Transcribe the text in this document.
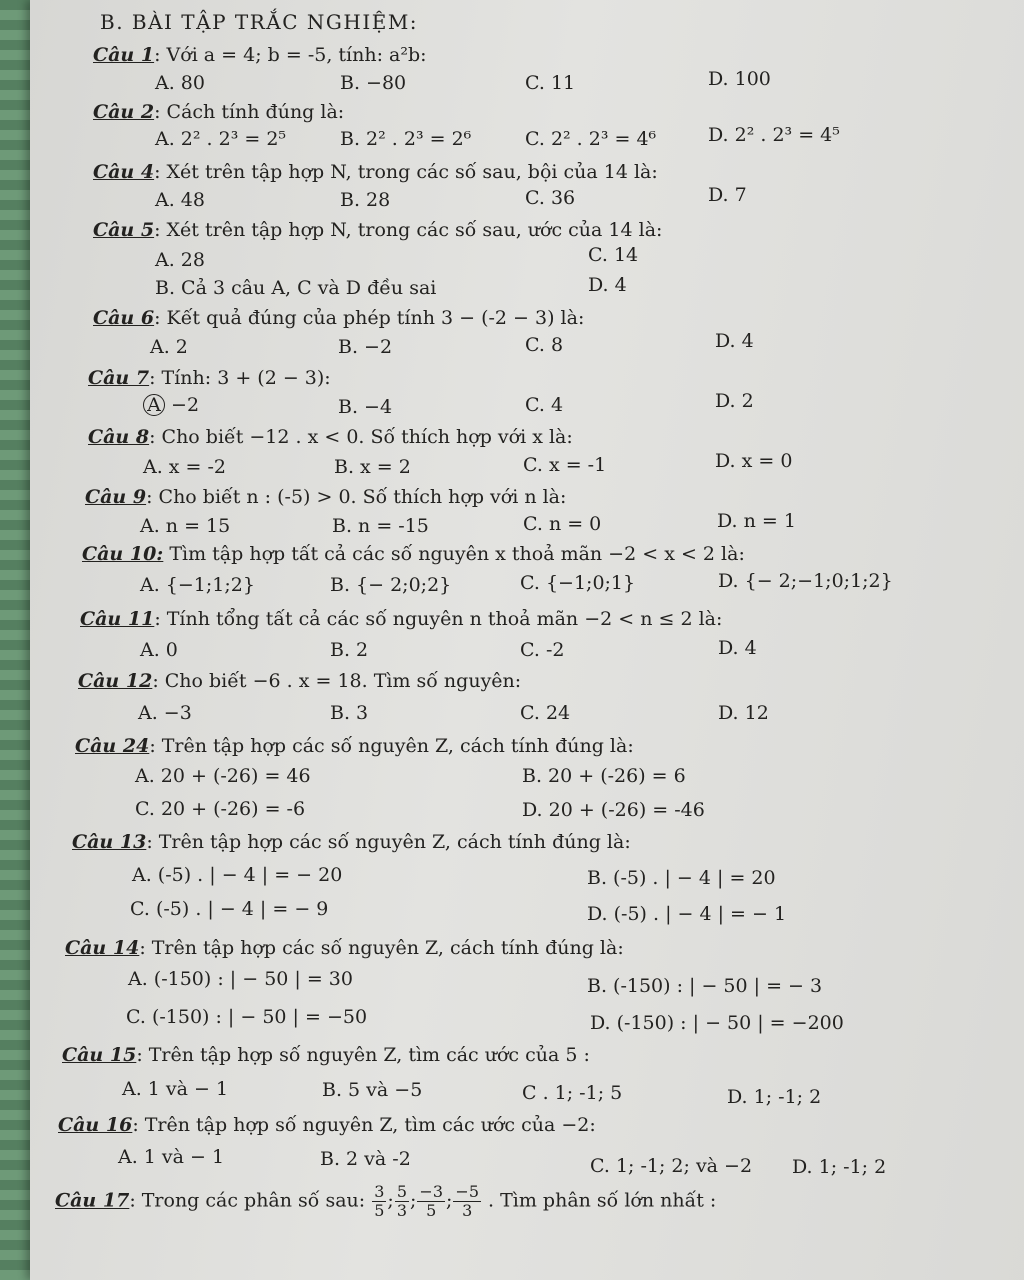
B. BÀI TẬP TRẮC NGHIỆM:
Câu 1: Với a = 4; b = -5, tính: a²b:
A. 80	B. −80	C. 11	D. 100
Câu 2: Cách tính đúng là:
A. 2² . 2³ = 2⁵	B. 2² . 2³ = 2⁶	C. 2² . 2³ = 4⁶	D. 2² . 2³ = 4⁵
Câu 4: Xét trên tập hợp N, trong các số sau, bội của 14 là:
A. 48	B. 28	C. 36	D. 7
Câu 5: Xét trên tập hợp N, trong các số sau, ước của 14 là:
A. 28	C. 14
B. Cả 3 câu A, C và D đều sai	D. 4
Câu 6: Kết quả đúng của phép tính 3 − (-2 − 3) là:
A. 2	B. −2	C. 8	D. 4
Câu 7: Tính: 3 + (2 − 3):
A −2	B. −4	C. 4	D. 2
Câu 8: Cho biết −12 . x < 0. Số thích hợp với x là:
A. x = -2	B. x = 2	C. x = -1	D. x = 0
Câu 9: Cho biết n : (-5) > 0. Số thích hợp với n là:
A. n = 15	B. n = -15	C. n = 0	D. n = 1
Câu 10: Tìm tập hợp tất cả các số nguyên x thoả mãn −2 < x < 2 là:
A. {−1;1;2}	B. {− 2;0;2}	C. {−1;0;1}	D. {− 2;−1;0;1;2}
Câu 11: Tính tổng tất cả các số nguyên n thoả mãn −2 < n ≤ 2 là:
A. 0	B. 2	C. -2	D. 4
Câu 12: Cho biết −6 . x = 18. Tìm số nguyên:
A. −3	B. 3	C. 24	D. 12
Câu 24: Trên tập hợp các số nguyên Z, cách tính đúng là:
A. 20 + (-26) = 46	B. 20 + (-26) = 6
C. 20 + (-26) = -6	D. 20 + (-26) = -46
Câu 13: Trên tập hợp các số nguyên Z, cách tính đúng là:
A. (-5) . | − 4 | = − 20	B. (-5) . | − 4 | = 20
C. (-5) . | − 4 | = − 9	D. (-5) . | − 4 | = − 1
Câu 14: Trên tập hợp các số nguyên Z, cách tính đúng là:
A. (-150) : | − 50 | = 30	B. (-150) : | − 50 | = − 3
C. (-150) : | − 50 | = −50	D. (-150) : | − 50 | = −200
Câu 15: Trên tập hợp số nguyên Z, tìm các ước của 5 :
A. 1 và − 1	B. 5 và −5	C . 1; -1; 5	D. 1; -1; 2
Câu 16: Trên tập hợp số nguyên Z, tìm các ước của −2:
A. 1 và − 1	B. 2 và -2	C. 1; -1; 2; và −2 D. 1; -1; 2
Câu 17: Trong các phân số sau: $\frac{3}{5}$ ; $\frac{5}{3}$ ; $\frac{-3}{5}$ ; $\frac{-5}{3}$ . Tìm phân số lớn nhất :
